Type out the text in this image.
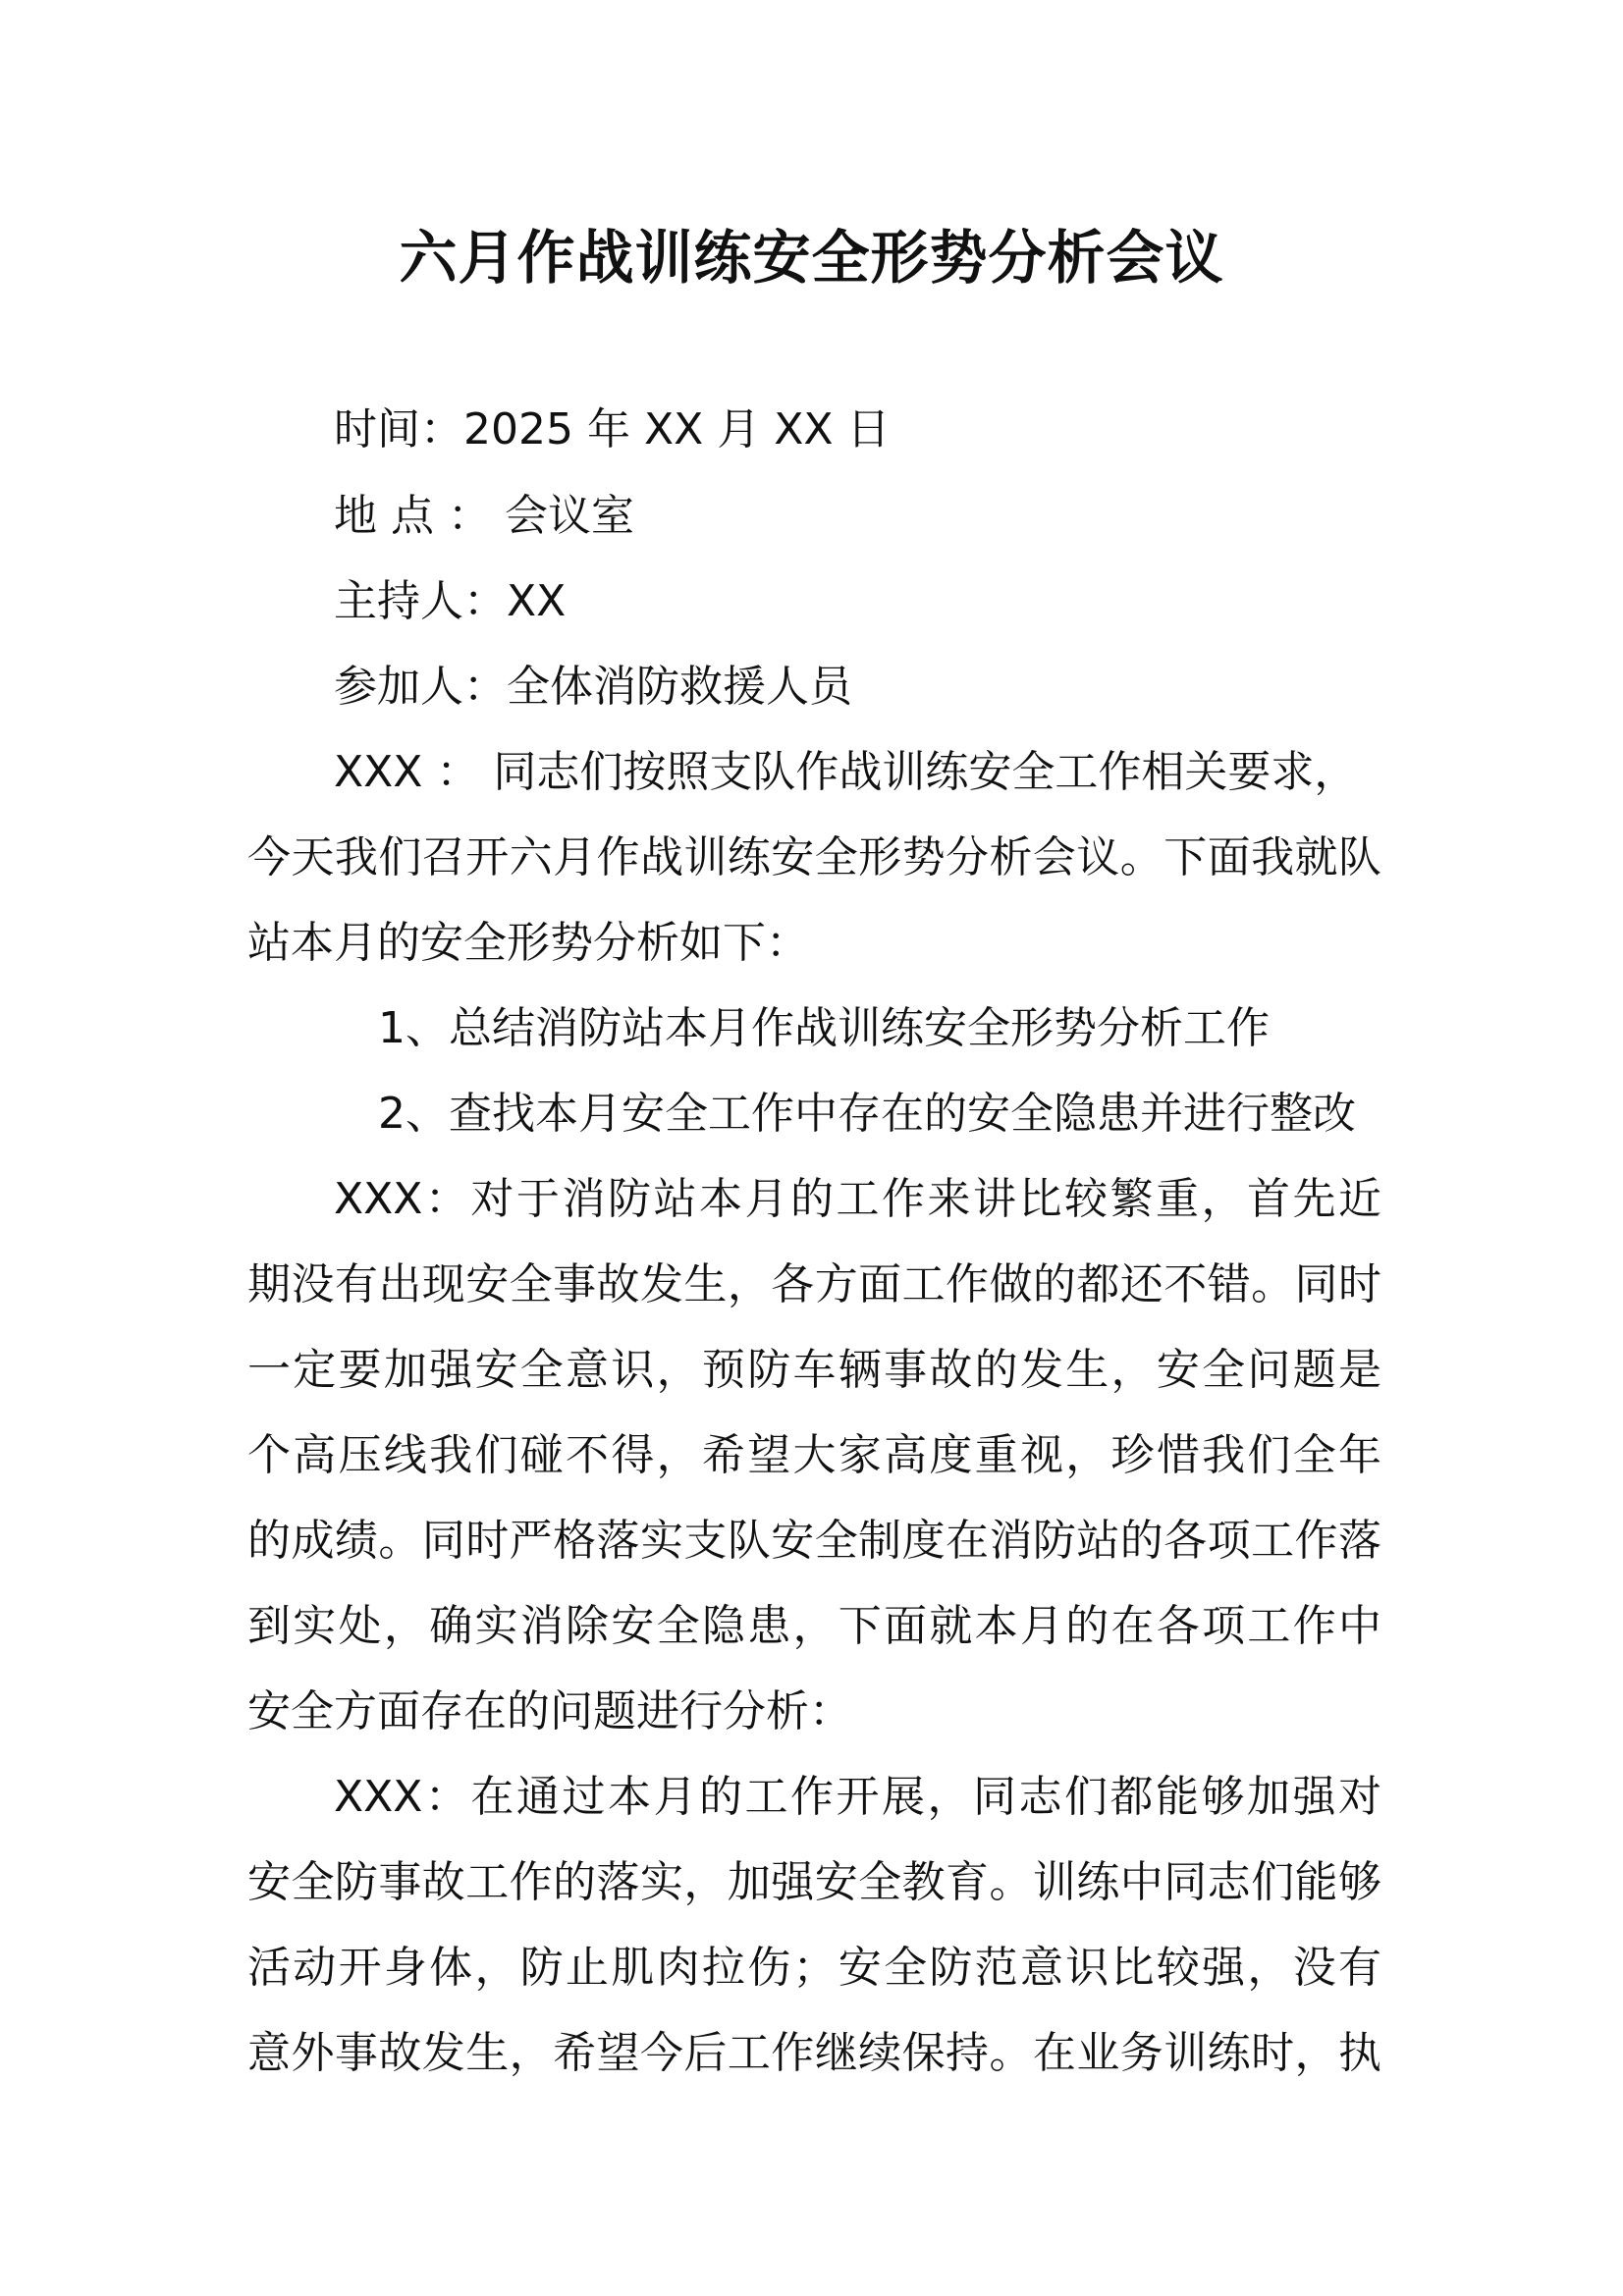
六月作战训练安全形势分析会议
时间：2025 年 XX 月 XX 日
地 点 ： 会议室
主持人：XX
参加人：全体消防救援人员
XXX ： 同志们按照支队作战训练安全工作相关要求，
今天我们召开六月作战训练安全形势分析会议。下面我就队
站本月的安全形势分析如下：
1、总结消防站本月作战训练安全形势分析工作
2、查找本月安全工作中存在的安全隐患并进行整改
XXX：对于消防站本月的工作来讲比较繁重，首先近
期没有出现安全事故发生，各方面工作做的都还不错。同时
一定要加强安全意识，预防车辆事故的发生，安全问题是
个高压线我们碰不得，希望大家高度重视，珍惜我们全年
的成绩。同时严格落实支队安全制度在消防站的各项工作落
到实处，确实消除安全隐患，下面就本月的在各项工作中
安全方面存在的问题进行分析：
XXX：在通过本月的工作开展，同志们都能够加强对
安全防事故工作的落实，加强安全教育。训练中同志们能够
活动开身体，防止肌肉拉伤；安全防范意识比较强，没有
意外事故发生，希望今后工作继续保持。在业务训练时，执
